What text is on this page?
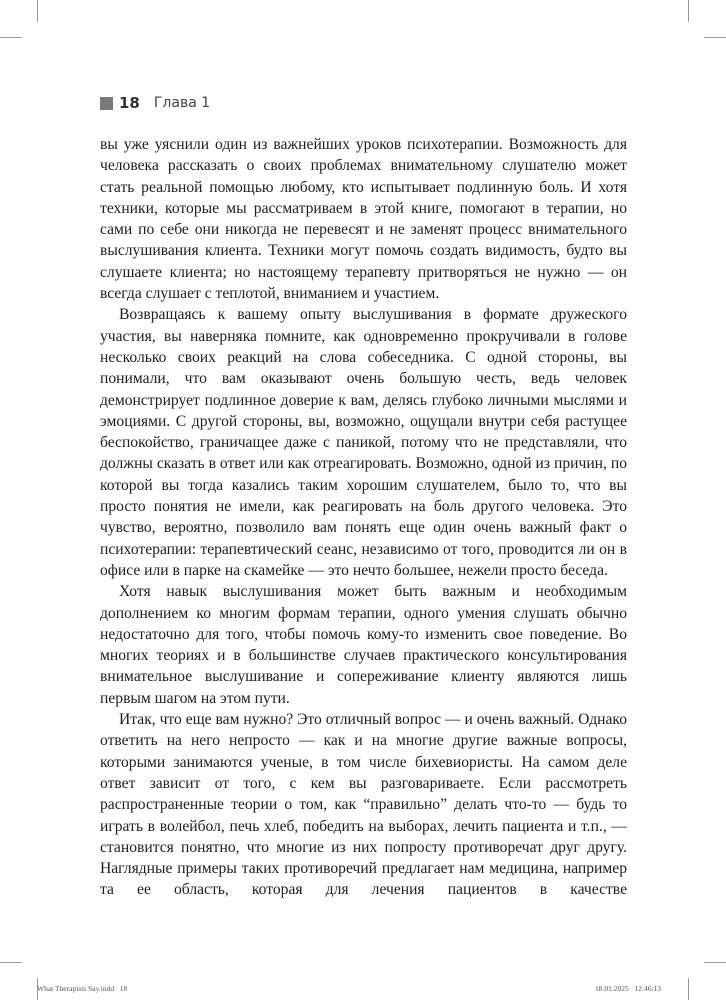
18 Глава 1

вы уже уяснили один из важнейших уроков психотерапии. Возможность для человека рассказать о своих проблемах внимательному слушателю может стать реальной помощью любому, кто испытывает подлинную боль. И хотя техники, которые мы рассматриваем в этой книге, помогают в терапии, но сами по себе они никогда не перевесят и не заменят процесс внимательного выслушивания клиента. Техники могут помочь создать видимость, будто вы слушаете клиента; но настоящему терапевту притворяться не нужно — он всегда слушает с теплотой, вниманием и участием.

Возвращаясь к вашему опыту выслушивания в формате дружеского участия, вы наверняка помните, как одновременно прокручивали в голове несколько своих реакций на слова собеседника. С одной стороны, вы понимали, что вам оказывают очень большую честь, ведь человек демонстрирует подлинное доверие к вам, делясь глубоко личными мыслями и эмоциями. С другой стороны, вы, возможно, ощущали внутри себя растущее беспокойство, граничащее даже с паникой, потому что не представляли, что должны сказать в ответ или как отреагировать. Возможно, одной из причин, по которой вы тогда казались таким хорошим слушателем, было то, что вы просто понятия не имели, как реагировать на боль другого человека. Это чувство, вероятно, позволило вам понять еще один очень важный факт о психотерапии: терапевтический сеанс, независимо от того, проводится ли он в офисе или в парке на скамейке — это нечто большее, нежели просто беседа.

Хотя навык выслушивания может быть важным и необходимым дополнением ко многим формам терапии, одного умения слушать обычно недостаточно для того, чтобы помочь кому-то изменить свое поведение. Во многих теориях и в большинстве случаев практического консультирования внимательное выслушивание и сопереживание клиенту являются лишь первым шагом на этом пути.

Итак, что еще вам нужно? Это отличный вопрос — и очень важный. Однако ответить на него непросто — как и на многие другие важные вопросы, которыми занимаются ученые, в том числе бихевиористы. На самом деле ответ зависит от того, с кем вы разговариваете. Если рассмотреть распространенные теории о том, как “правильно” делать что-то — будь то играть в волейбол, печь хлеб, победить на выборах, лечить пациента и т.п., — становится понятно, что многие из них попросту противоречат друг другу. Наглядные примеры таких противоречий предлагает нам медицина, например та ее область, которая для лечения пациентов в качестве

What Therapists Say.indd   18	18.01.2025   12:46:13
